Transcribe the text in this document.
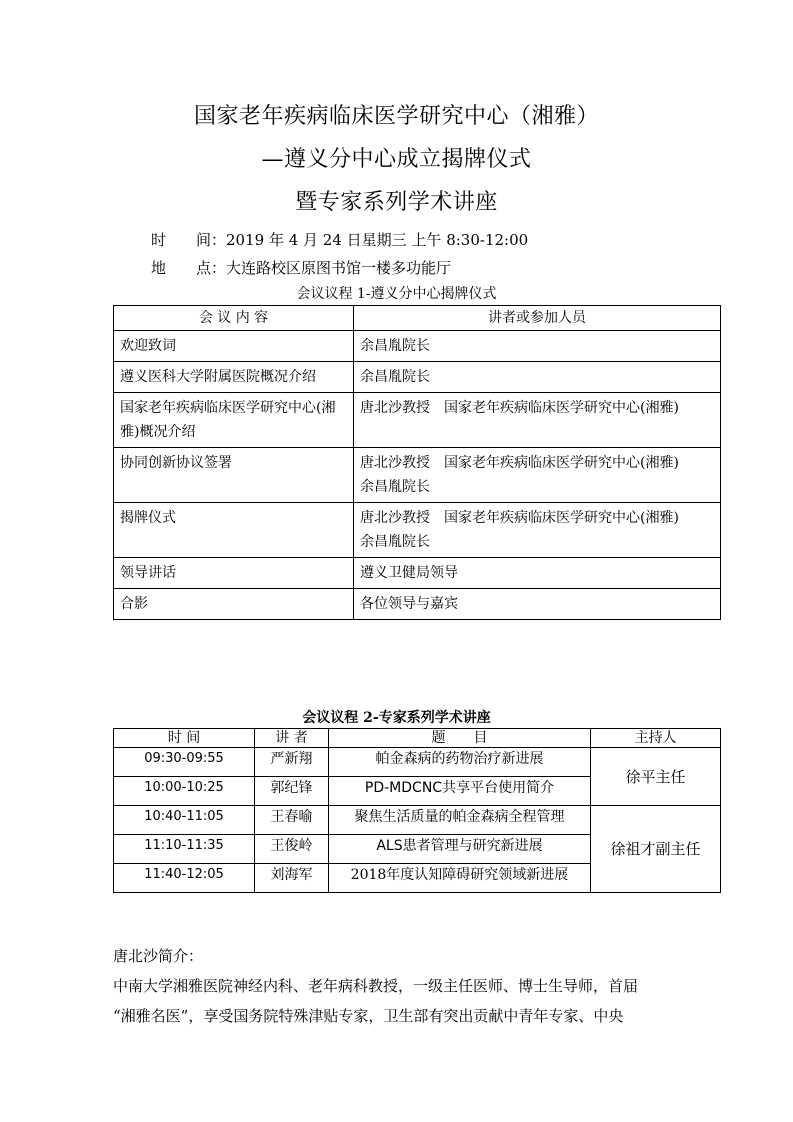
国家老年疾病临床医学研究中心（湘雅）
—遵义分中心成立揭牌仪式
暨专家系列学术讲座
时　　间：2019 年 4 月 24 日星期三 上午 8:30-12:00
地　　点：大连路校区原图书馆一楼多功能厅
会议议程 1-遵义分中心揭牌仪式
会 议 内 容	讲者或参加人员
欢迎致词	余昌胤院长

遵义医科大学附属医院概况介绍	余昌胤院长

国家老年疾病临床医学研究中心(湘雅)概况介绍	唐北沙教授　国家老年疾病临床医学研究中心(湘雅)

协同创新协议签署	唐北沙教授　国家老年疾病临床医学研究中心(湘雅)
余昌胤院长

揭牌仪式	唐北沙教授　国家老年疾病临床医学研究中心(湘雅)
余昌胤院长

领导讲话	遵义卫健局领导

合影	各位领导与嘉宾
会议议程 2-专家系列学术讲座
时 间	讲 者	题　　目	主持人
09:30-09:55	严新翔	帕金森病的药物治疗新进展	徐平主任
10:00-10:25	郭纪锋	PD-MDCNC共享平台使用简介	
10:40-11:05	王春喻	聚焦生活质量的帕金森病全程管理	徐祖才副主任
11:10-11:35	王俊岭	ALS患者管理与研究新进展	
11:40-12:05	刘海军	2018年度认知障碍研究领域新进展	
唐北沙简介：
中南大学湘雅医院神经内科、老年病科教授，一级主任医师、博士生导师，首届
“湘雅名医”，享受国务院特殊津贴专家，卫生部有突出贡献中青年专家、中央
